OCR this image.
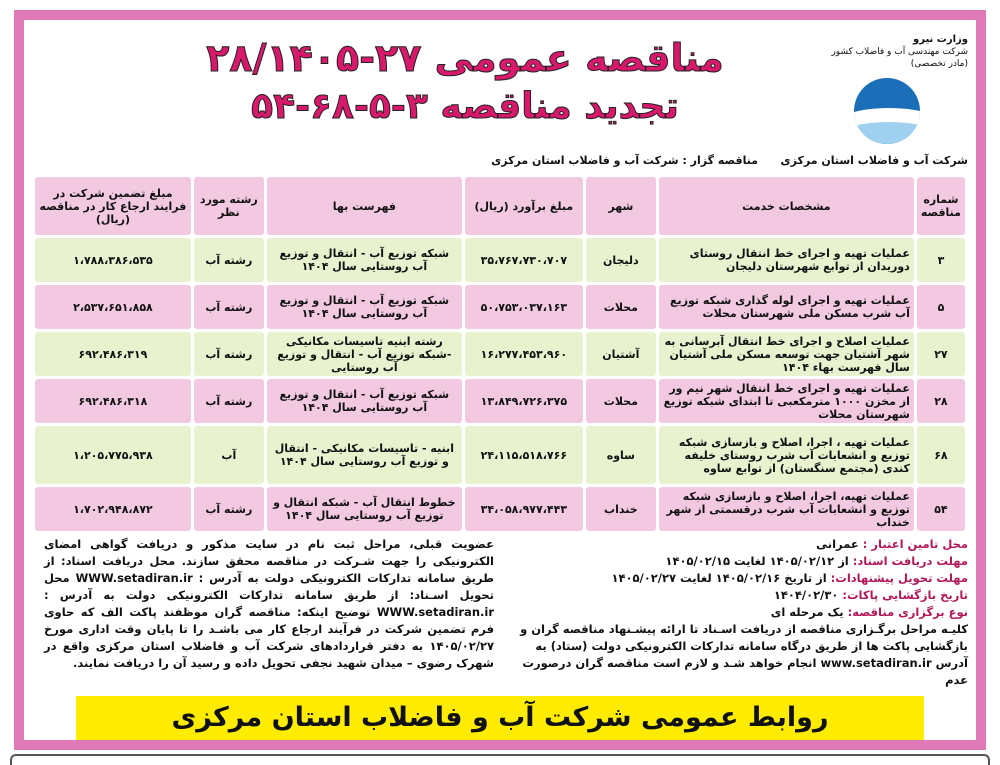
وزارت نیرو
شرکت مهندسی آب و فاضلاب کشور
(مادر تخصصی)
شرکت آب و فاضلاب استان مرکزی
مناقصه گزار : شرکت آب و فاضلاب استان مرکزی
مناقصه عمومی ۲۷-۲۸/۱۴۰۵
تجدید مناقصه ۳-۵-۶۸-۵۴
شماره مناقصه	مشخصات خدمت	شهر	مبلغ برآورد (ریال)	فهرست بها	رشته مورد نظر	مبلغ تضمین شرکت در فرایند ارجاع کار در مناقصه (ریال)
۳	عملیات تهیه و اجرای خط انتقال روستای دوریدان از توابع شهرستان دلیجان	دلیجان	۳۵،۷۶۷،۷۳۰،۷۰۷	شبکه توزیع آب - انتقال و توزیع آب روستایی سال ۱۴۰۴	رشته آب	۱،۷۸۸،۳۸۶،۵۳۵
۵	عملیات تهیه و اجرای لوله گذاری شبکه توزیع آب شرب مسکن ملی شهرستان محلات	محلات	۵۰،۷۵۳،۰۳۷،۱۶۳	شبکه توزیع آب - انتقال و توزیع آب روستایی سال ۱۴۰۴	رشته آب	۲،۵۳۷،۶۵۱،۸۵۸
۲۷	عملیات اصلاح و اجرای خط انتقال آبرسانی به شهر آشتیان جهت توسعه مسکن ملی آشتیان سال فهرست بهاء ۱۴۰۴	آشتیان	۱۶،۲۷۷،۴۵۳،۹۶۰	رشته ابنیه تاسیسات مکانیکی -شبکه توزیع آب - انتقال و توزیع آب روستایی	رشته آب	۶۹۲،۴۸۶،۳۱۹
۲۸	عملیات تهیه و اجرای خط انتقال شهر نیم ور از مخزن ۱۰۰۰ مترمکعبی تا ابتدای شبکه توزیع شهرستان محلات	محلات	۱۳،۸۴۹،۷۲۶،۳۷۵	شبکه توزیع آب - انتقال و توزیع آب روستایی سال ۱۴۰۴	رشته آب	۶۹۲،۴۸۶،۳۱۸
۶۸	عملیات تهیه ، اجرا، اصلاح و بازسازی شبکه توزیع و انشعابات آب شرب روستای خلیفه کندی (مجتمع سنگستان) از توابع ساوه	ساوه	۲۴،۱۱۵،۵۱۸،۷۶۶	ابنیه - تاسیسات مکانیکی - انتقال و توزیع آب روستایی سال ۱۴۰۴	آب	۱،۲۰۵،۷۷۵،۹۳۸
۵۴	عملیات تهیه، اجرا، اصلاح و بازسازی شبکه توزیع و انشعابات آب شرب درقسمتی از شهر خنداب	خنداب	۳۴،۰۵۸،۹۷۷،۴۴۳	خطوط انتقال آب - شبکه انتقال و توزیع آب روستایی سال ۱۴۰۴	رشته آب	۱،۷۰۲،۹۴۸،۸۷۲
محل تامین اعتبار : عمرانی
مهلت دریافت اسناد: از ۱۴۰۵/۰۲/۱۲ لغایت ۱۴۰۵/۰۲/۱۵
مهلت تحویل پیشنهادات: از تاریخ ۱۴۰۵/۰۲/۱۶ لغایت ۱۴۰۵/۰۲/۲۷
تاریخ بازگشایی پاکات: ۱۴۰۴/۰۲/۳۰
نوع برگزاری مناقصه: یک مرحله ای
کلیـه مراحل برگـزاری مناقصه از دریافت اسـناد تا ارائه پیشـنهاد مناقصه گران و بازگشایی پاکت ها از طریق درگاه سامانه تدارکات الکترونیکی دولت (ستاد) به آدرس www.setadiran.ir انجام خواهد شـد و لازم است مناقصه گران درصورت عدم
عضویت قبلی، مراحل ثبت نام در سایت مذکور و دریافت گواهی امضای الکترونیکی را جهت شـرکت در مناقصه محقق سازند. محل دریافت اسناد: از طریق سامانه تدارکات الکترونیکی دولت به آدرس : WWW.setadiran.ir محل تحویل اسـناد: از طریق سامانه تدارکات الکترونیکی دولت به آدرس : WWW.setadiran.ir توضیح اینکه: مناقصه گران موظفند پاکت الف که حاوی فرم تضمین شرکت در فرآیند ارجاع کار می باشـد را تا پایان وقت اداری مورخ ۱۴۰۵/۰۲/۲۷ به دفتر قراردادهای شرکت آب و فاضلاب استان مرکزی واقع در شهرک رضوی – میدان شهید نجفی تحویل داده و رسید آن را دریافت نمایند.
روابط عمومی شرکت آب و فاضلاب استان مرکزی
